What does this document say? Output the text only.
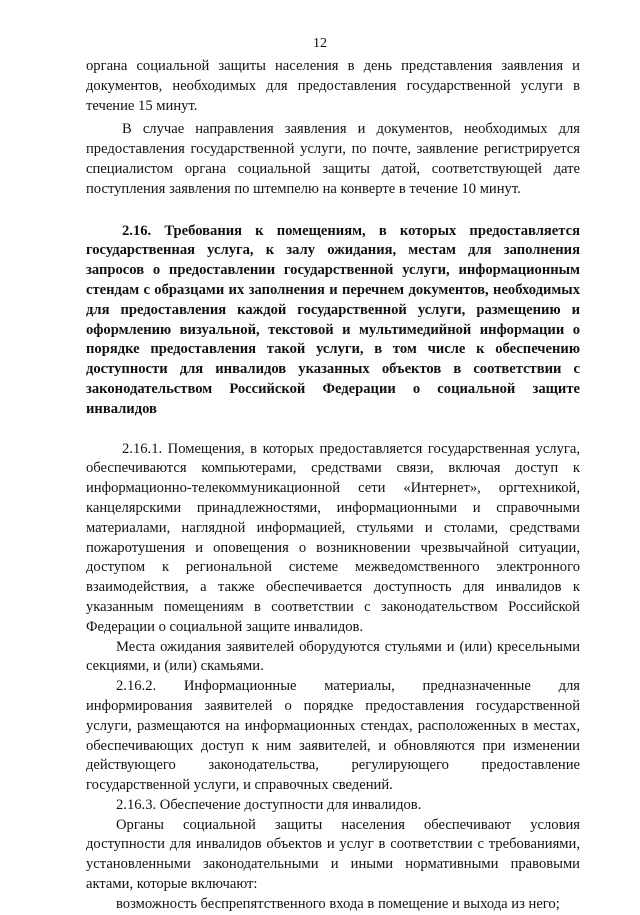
12

органа социальной защиты населения в день представления заявления и документов, необходимых для предоставления государственной услуги в течение 15 минут.

В случае направления заявления и документов, необходимых для предоставления государственной услуги, по почте, заявление регистрируется специалистом органа социальной защиты датой, соответствующей дате поступления заявления по штемпелю на конверте в течение 10 минут.

2.16. Требования к помещениям, в которых предоставляется государственная услуга, к залу ожидания, местам для заполнения запросов о предоставлении государственной услуги, информационным стендам с образцами их заполнения и перечнем документов, необходимых для предоставления каждой государственной услуги, размещению и оформлению визуальной, текстовой и мультимедийной информации о порядке предоставления такой услуги, в том числе к обеспечению доступности для инвалидов указанных объектов в соответствии с законодательством Российской Федерации о социальной защите инвалидов

2.16.1. Помещения, в которых предоставляется государственная услуга, обеспечиваются компьютерами, средствами связи, включая доступ к информационно-телекоммуникационной сети «Интернет», оргтехникой, канцелярскими принадлежностями, информационными и справочными материалами, наглядной информацией, стульями и столами, средствами пожаротушения и оповещения о возникновении чрезвычайной ситуации, доступом к региональной системе межведомственного электронного взаимодействия, а также обеспечивается доступность для инвалидов к указанным помещениям в соответствии с законодательством Российской Федерации о социальной защите инвалидов.

Места ожидания заявителей оборудуются стульями и (или) кресельными секциями, и (или) скамьями.

2.16.2. Информационные материалы, предназначенные для информирования заявителей о порядке предоставления государственной услуги, размещаются на информационных стендах, расположенных в местах, обеспечивающих доступ к ним заявителей, и обновляются при изменении действующего законодательства, регулирующего предоставление государственной услуги, и справочных сведений.

2.16.3. Обеспечение доступности для инвалидов.

Органы социальной защиты населения обеспечивают условия доступности для инвалидов объектов и услуг в соответствии с требованиями, установленными законодательными и иными нормативными правовыми актами, которые включают:

возможность беспрепятственного входа в помещение и выхода из него;
